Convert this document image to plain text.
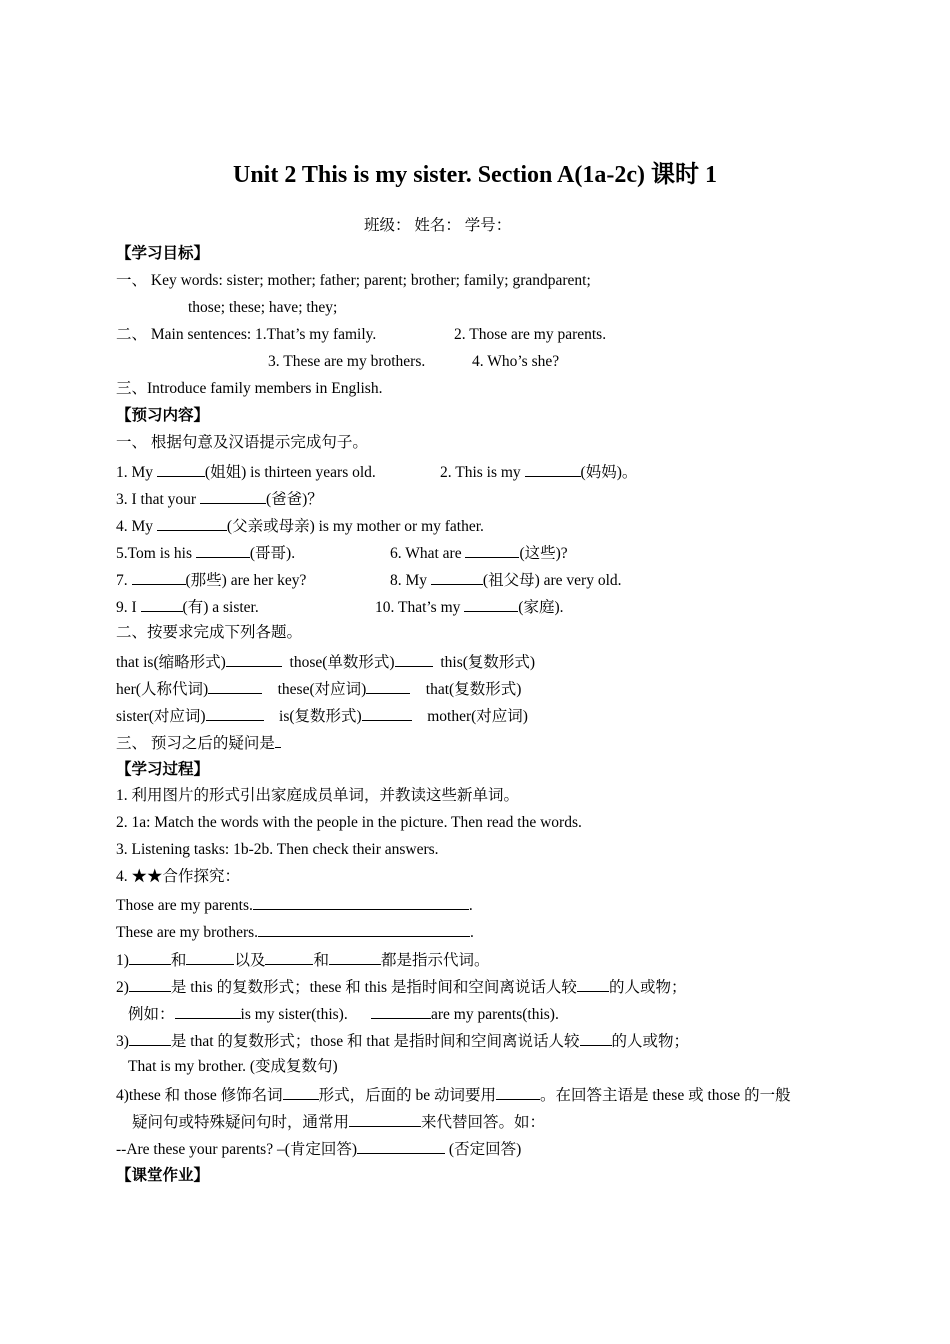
Unit 2 This is my sister. Section A(1a-2c) 课时 1
班级： 姓名： 学号：
【学习目标】
一、 Key words: sister; mother; father; parent; brother; family; grandparent;
those; these; have; they;
二、 Main sentences: 1.That’s my family.	2. Those are my parents.
3. These are my brothers.	4. Who’s she?
三、Introduce family members in English.
【预习内容】
一、 根据句意及汉语提示完成句子。
1. My	(姐姐) is thirteen years old.	2. This is my	(妈妈)。
3. I that your	(爸爸)？
4. My	(父亲或母亲) is my mother or my father.
5.Tom is his	(哥哥).	6. What are	(这些)?
7.	(那些) are her key?	8. My	(祖父母) are very old.
9. I	(有) a sister.	10. That’s my	(家庭).
二、按要求完成下列各题。
that is(缩略形式)	those(单数形式)	this(复数形式)
her(人称代词)	these(对应词)	that(复数形式)
sister(对应词)	is(复数形式)	mother(对应词)
三、 预习之后的疑问是
【学习过程】
1. 利用图片的形式引出家庭成员单词，并教读这些新单词。
2. 1a: Match the words with the people in the picture. Then read the words.
3. Listening tasks: 1b-2b. Then check their answers.
4. ★★合作探究：
Those are my parents.	.
These are my brothers.	.
1)	和	以及	和	都是指示代词。
2)	是 this 的复数形式；these 和 this 是指时间和空间离说话人较 的人或物；
例如：	is my sister(this).	are my parents(this).
3)	是 that 的复数形式；those 和 that 是指时间和空间离说话人较 的人或物；
That is my brother. (变成复数句)
4)these 和 those 修饰名词 形式，后面的 be 动词要用	。在回答主语是 these 或 those 的一般
疑问句或特殊疑问句时，通常用	来代替回答。如：
--Are these your parents? –(肯定回答)	(否定回答)
【课堂作业】
